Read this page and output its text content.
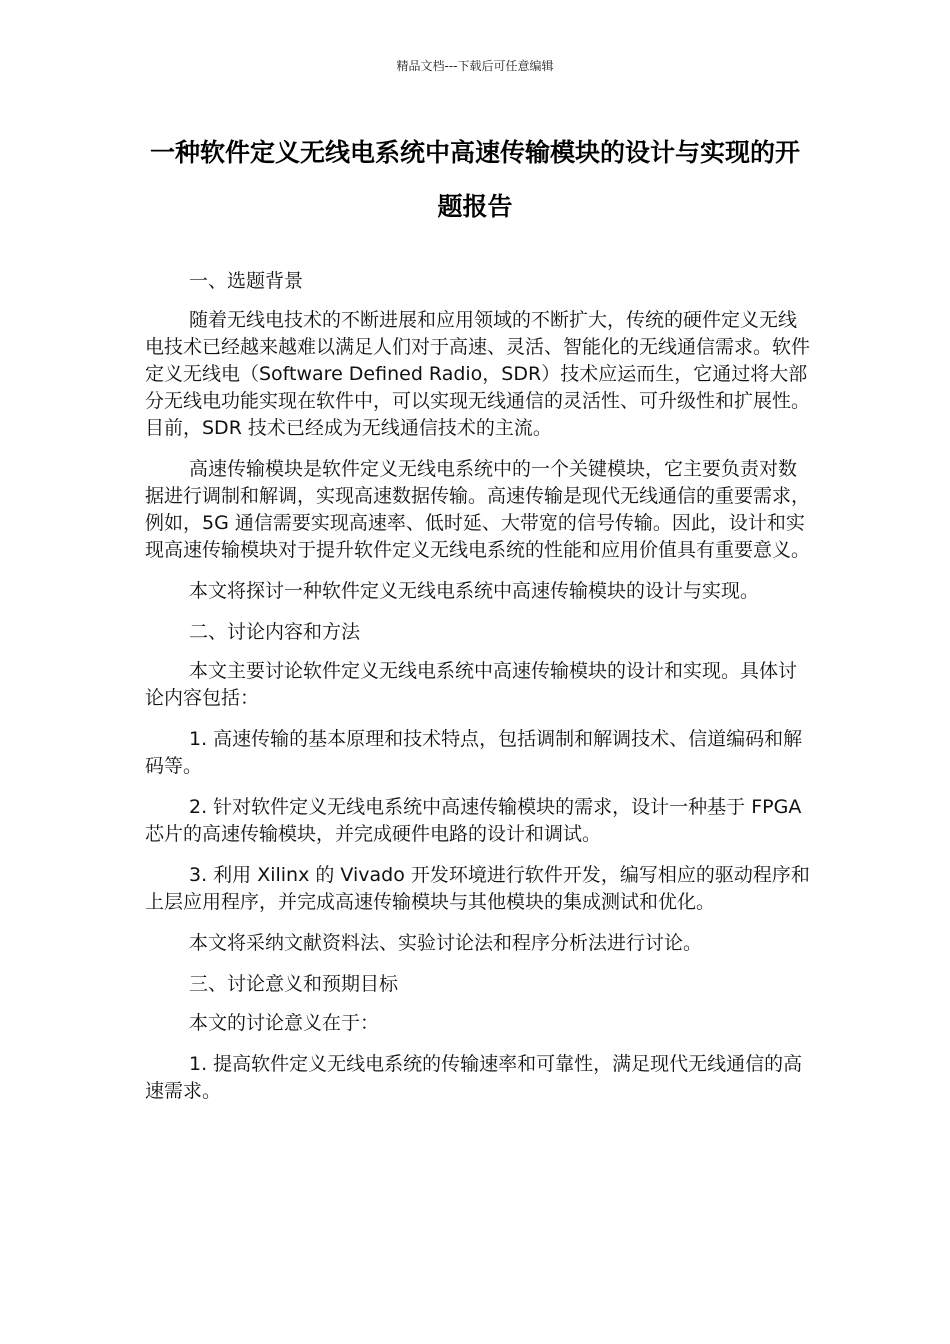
精品文档---下载后可任意编辑
一种软件定义无线电系统中高速传输模块的设计与实现的开题报告

一、选题背景

随着无线电技术的不断进展和应用领域的不断扩大，传统的硬件定义无线电技术已经越来越难以满足人们对于高速、灵活、智能化的无线通信需求。软件定义无线电（Software Defined Radio，SDR）技术应运而生，它通过将大部分无线电功能实现在软件中，可以实现无线通信的灵活性、可升级性和扩展性。目前，SDR 技术已经成为无线通信技术的主流。

高速传输模块是软件定义无线电系统中的一个关键模块，它主要负责对数据进行调制和解调，实现高速数据传输。高速传输是现代无线通信的重要需求，例如，5G 通信需要实现高速率、低时延、大带宽的信号传输。因此，设计和实现高速传输模块对于提升软件定义无线电系统的性能和应用价值具有重要意义。

本文将探讨一种软件定义无线电系统中高速传输模块的设计与实现。

二、讨论内容和方法

本文主要讨论软件定义无线电系统中高速传输模块的设计和实现。具体讨论内容包括：

1. 高速传输的基本原理和技术特点，包括调制和解调技术、信道编码和解码等。

2. 针对软件定义无线电系统中高速传输模块的需求，设计一种基于 FPGA 芯片的高速传输模块，并完成硬件电路的设计和调试。

3. 利用 Xilinx 的 Vivado 开发环境进行软件开发，编写相应的驱动程序和上层应用程序，并完成高速传输模块与其他模块的集成测试和优化。

本文将采纳文献资料法、实验讨论法和程序分析法进行讨论。

三、讨论意义和预期目标

本文的讨论意义在于：

1. 提高软件定义无线电系统的传输速率和可靠性，满足现代无线通信的高速需求。
